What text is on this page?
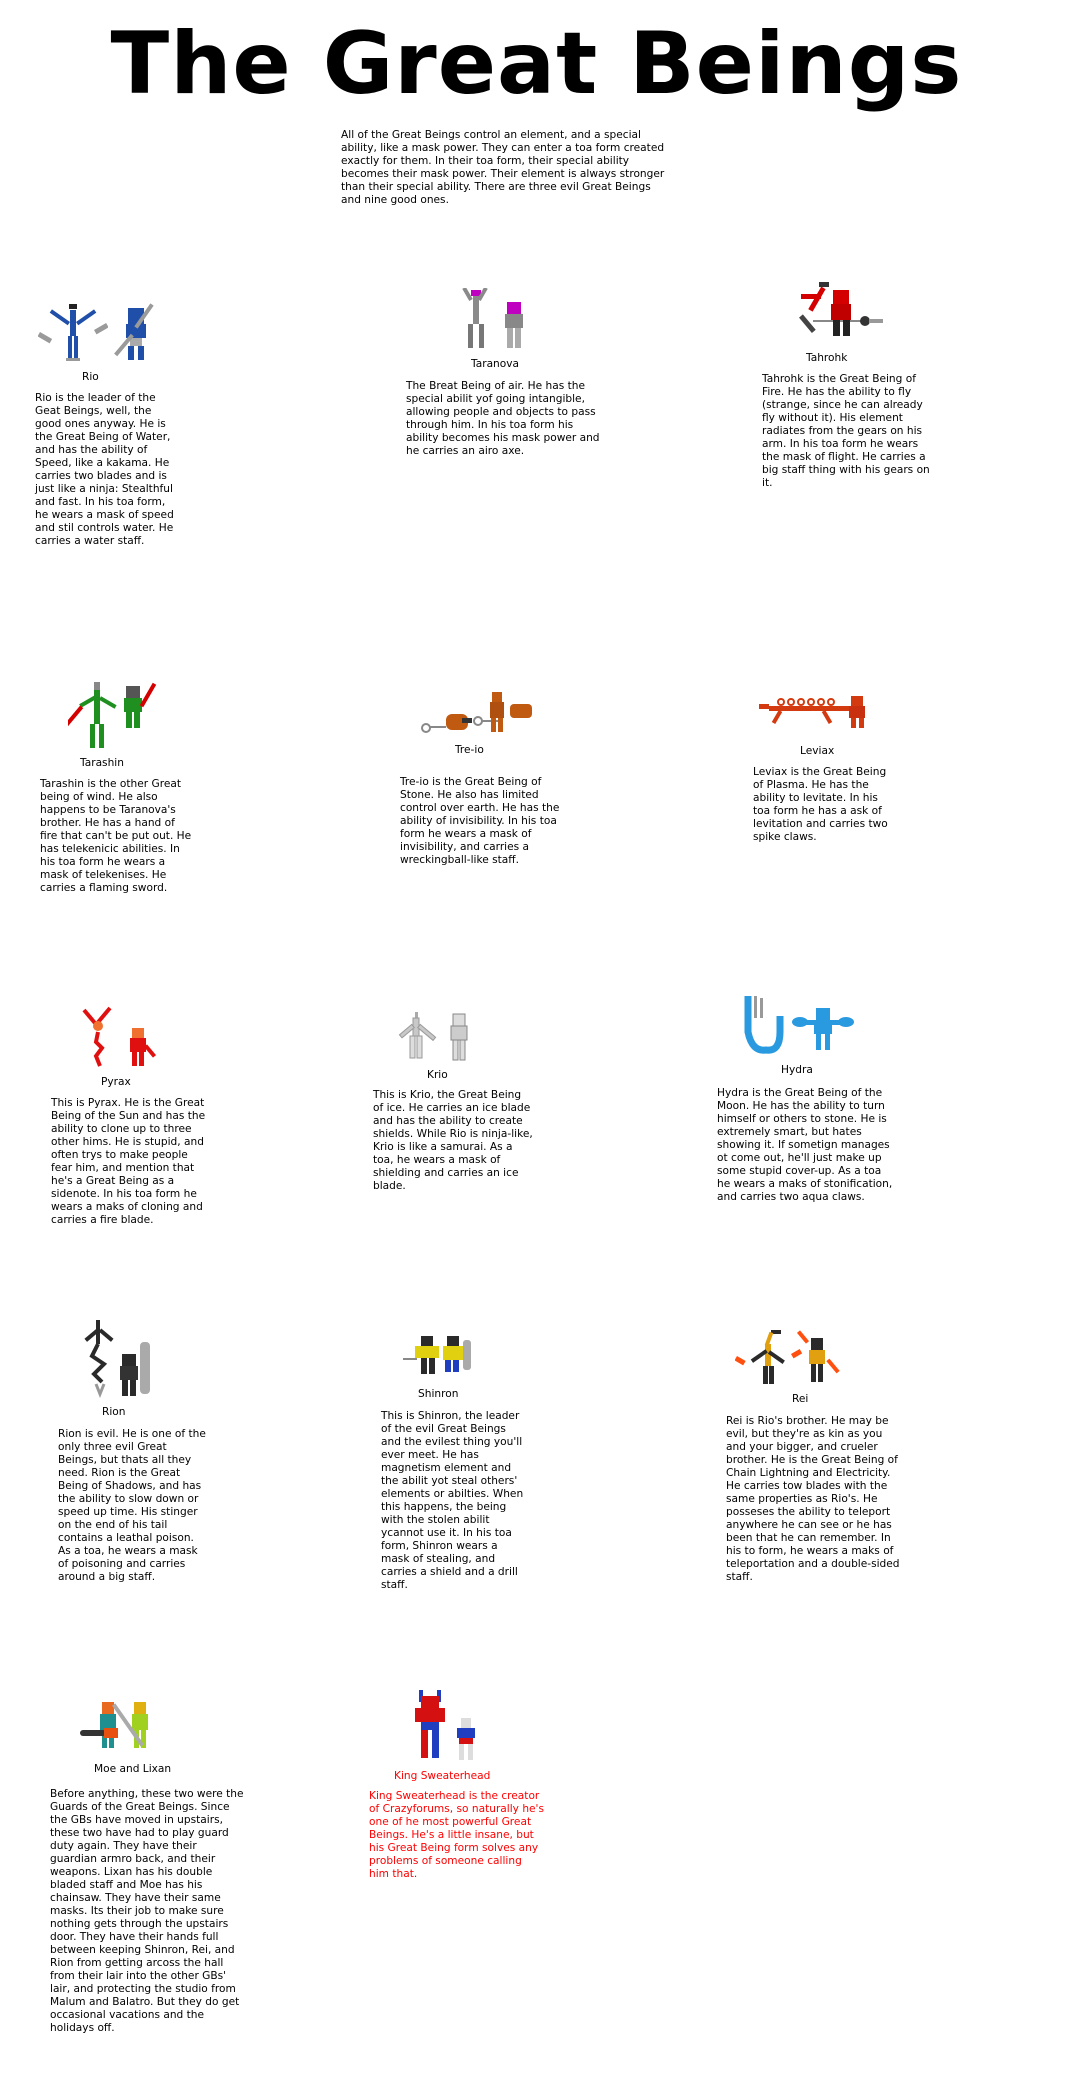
The Great Beings
All of the Great Beings control an element, and a special ability, like a mask power. They can enter a toa form created exactly for them. In their toa form, their special ability becomes their mask power. Their element is always stronger than their special ability. There are three evil Great Beings and nine good ones.
Rio
Rio is the leader of the Geat Beings, well, the good ones anyway. He is the Great Being of Water, and has the ability of Speed, like a kakama. He carries two blades and is just like a ninja: Stealthful and fast. In his toa form, he wears a mask of speed and stil controls water. He carries a water staff.
Taranova
The Breat Being of air. He has the special abilit yof going intangible, allowing people and objects to pass through him. In his toa form his ability becomes his mask power and he carries an airo axe.
Tahrohk
Tahrohk is the Great Being of Fire. He has the ability to fly (strange, since he can already fly without it). His element radiates from the gears on his arm. In his toa form he wears the mask of flight. He carries a big staff thing with his gears on it.
Tarashin
Tarashin is the other Great being of wind. He also happens to be Taranova's brother. He has a hand of fire that can't be put out. He has telekenicic abilities. In his toa form he wears a mask of telekenises. He carries a flaming sword.
Tre-io
Tre-io is the Great Being of Stone. He also has limited control over earth. He has the ability of invisibility. In his toa form he wears a mask of invisibility, and carries a wreckingball-like staff.
Leviax
Leviax is the Great Being of Plasma. He has the ability to levitate. In his toa form he has a ask of levitation and carries two spike claws.
Pyrax
This is Pyrax. He is the Great Being of the Sun and has the ability to clone up to three other hims. He is stupid, and often trys to make people fear him, and mention that he's a Great Being as a sidenote. In his toa form he wears a maks of cloning and carries a fire blade.
Krio
This is Krio, the Great Being of ice. He carries an ice blade and has the ability to create shields. While Rio is ninja-like, Krio is like a samurai. As a toa, he wears a mask of shielding and carries an ice blade.
Hydra
Hydra is the Great Being of the Moon. He has the ability to turn himself or others to stone. He is extremely smart, but hates showing it. If sometign manages ot come out, he'll just make up some stupid cover-up. As a toa he wears a maks of stonification, and carries two aqua claws.
Rion
Rion is evil. He is one of the only three evil Great Beings, but thats all they need. Rion is the Great Being of Shadows, and has the ability to slow down or speed up time. His stinger on the end of his tail contains a leathal poison. As a toa, he wears a mask of poisoning and carries around a big staff.
Shinron
This is Shinron, the leader of the evil Great Beings and the evilest thing you'll ever meet. He has magnetism element and the abilit yot steal others' elements or abilties. When this happens, the being with the stolen abilit ycannot use it. In his toa form, Shinron wears a mask of stealing, and carries a shield and a drill staff.
Rei
Rei is Rio's brother. He may be evil, but they're as kin as you and your bigger, and crueler brother. He is the Great Being of Chain Lightning and Electricity. He carries tow blades with the same properties as Rio's. He posseses the ability to teleport anywhere he can see or he has been that he can remember. In his to form, he wears a maks of teleportation and a double-sided staff.
Moe and Lixan
Before anything, these two were the Guards of the Great Beings. Since the GBs have moved in upstairs, these two have had to play guard duty again. They have their guardian armro back, and their weapons. Lixan has his double bladed staff and Moe has his chainsaw. They have their same masks. Its their job to make sure nothing gets through the upstairs door. They have their hands full between keeping Shinron, Rei, and Rion from getting arcoss the hall from their lair into the other GBs' lair, and protecting the studio from Malum and Balatro. But they do get occasional vacations and the holidays off.
King Sweaterhead
King Sweaterhead is the creator of Crazyforums, so naturally he's one of he most powerful Great Beings. He's a little insane, but his Great Being form solves any problems of someone calling him that.
